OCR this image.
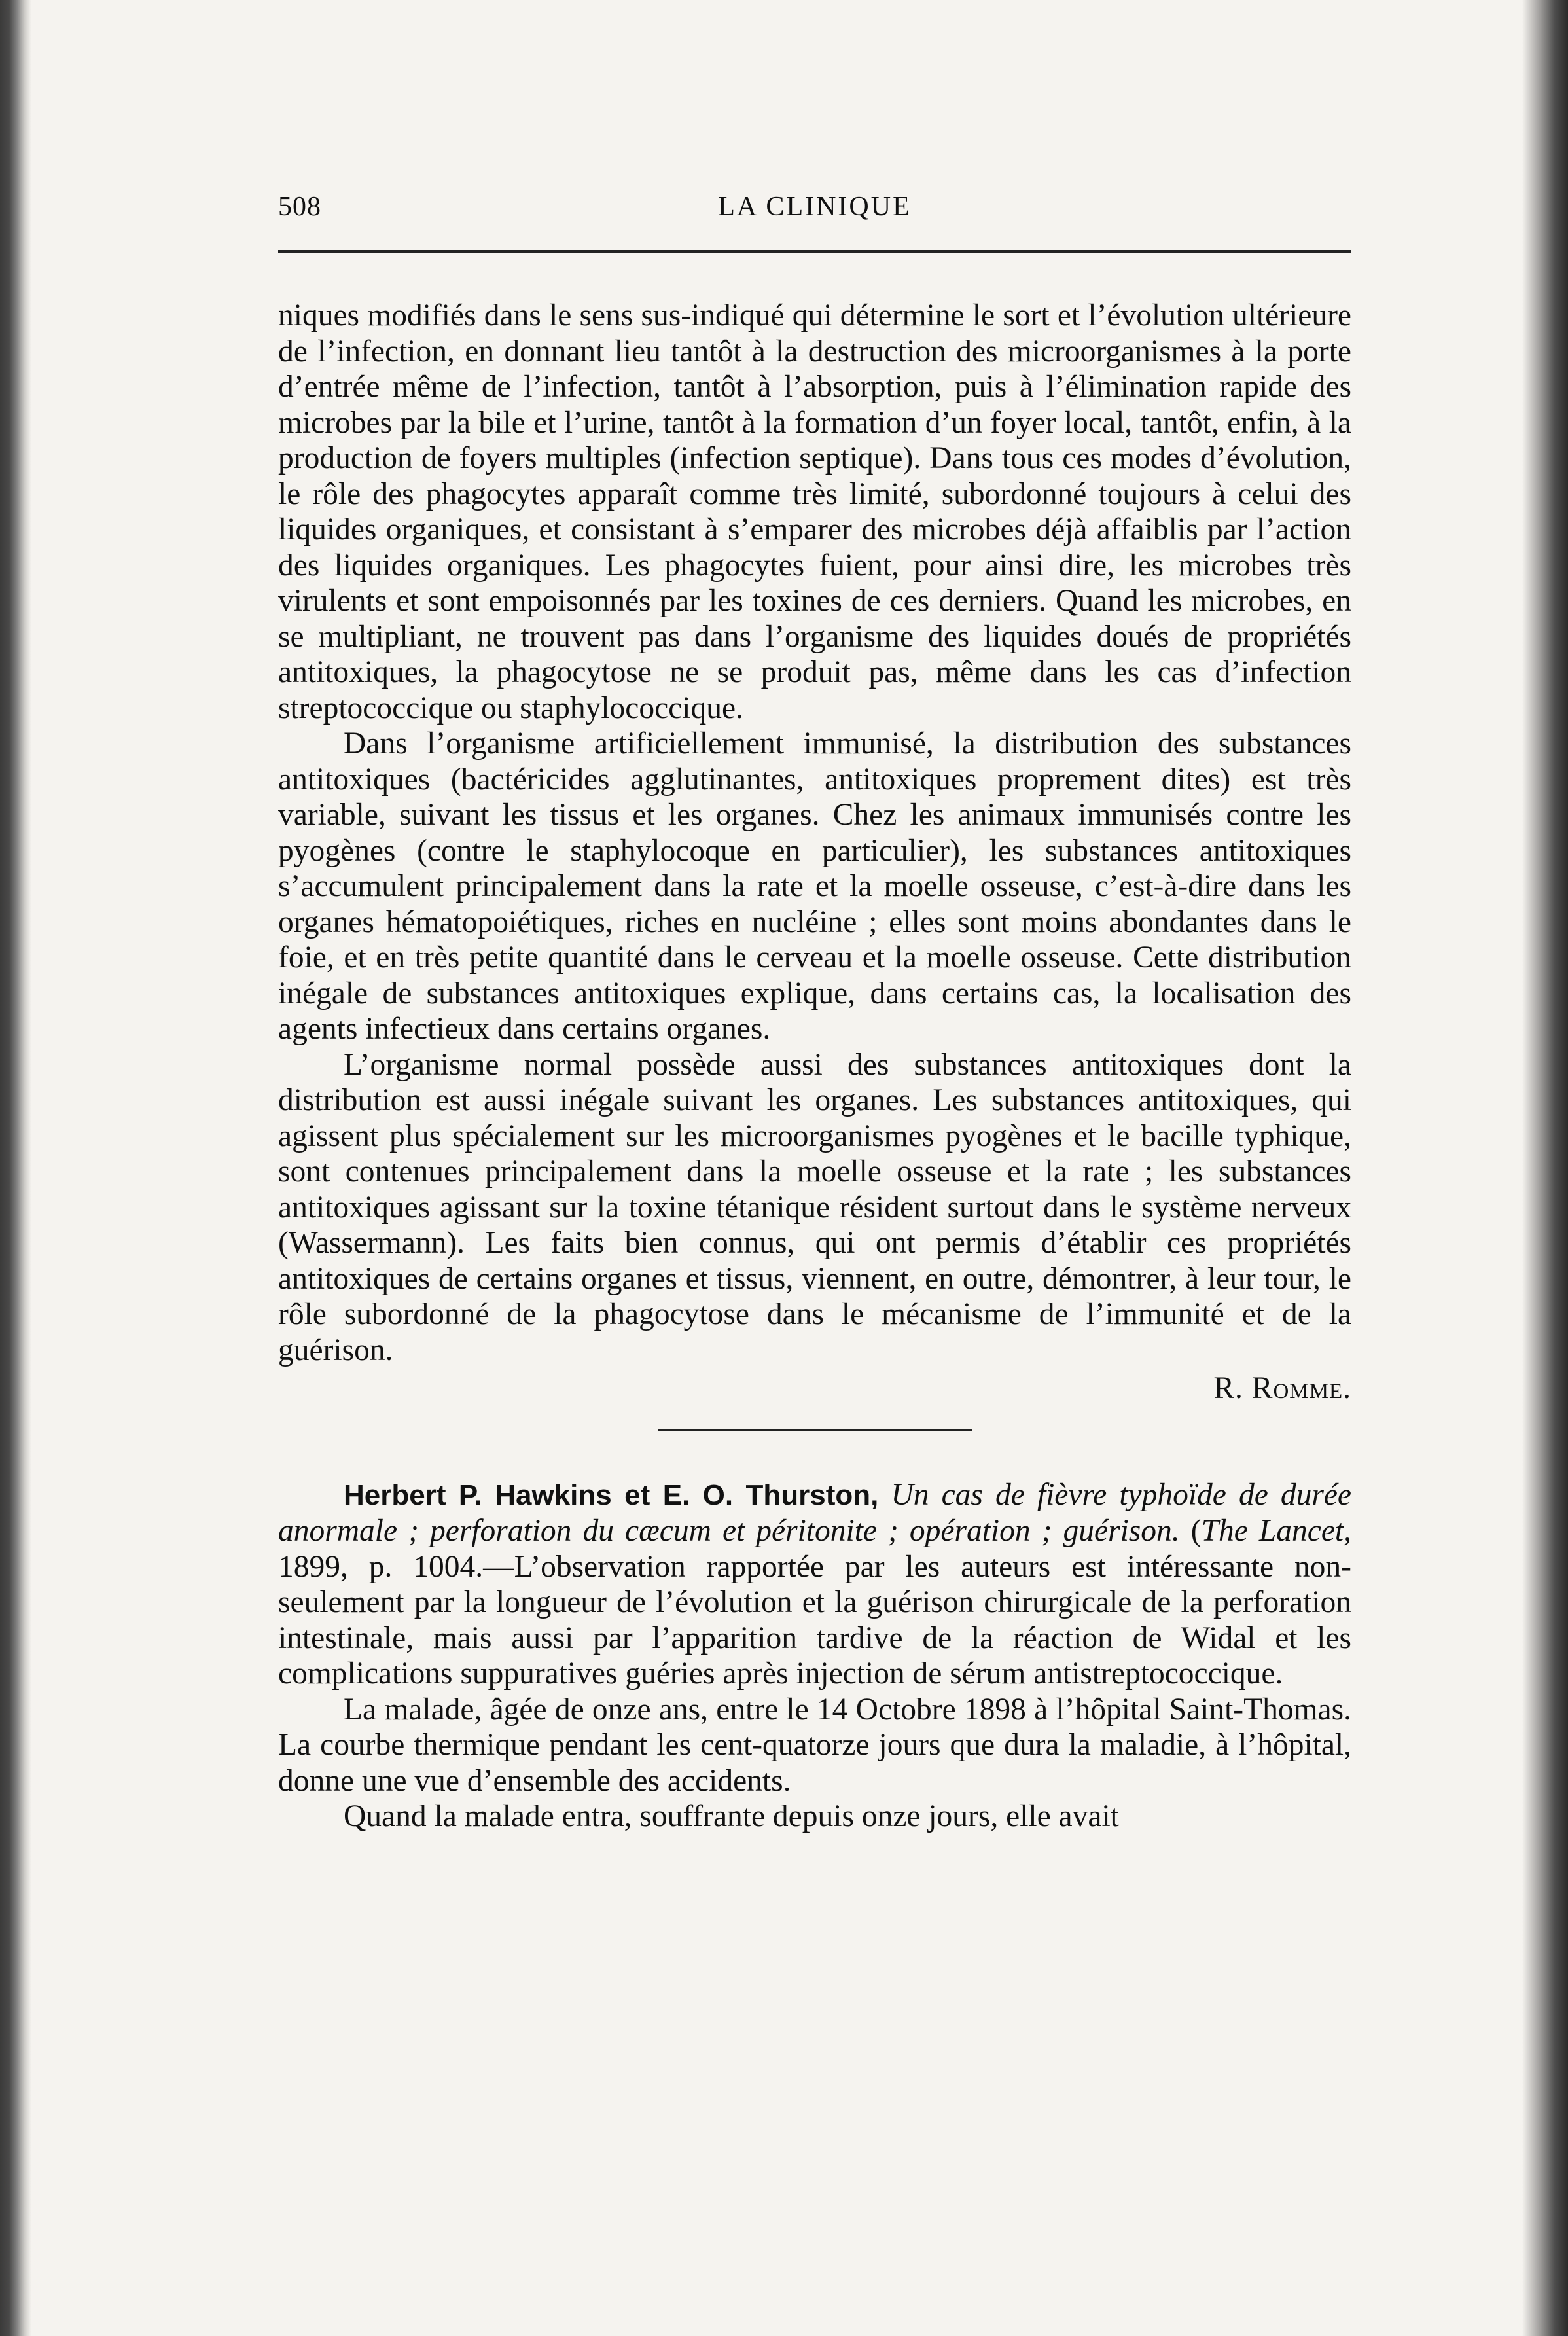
508	LA CLINIQUE

niques modifiés dans le sens sus-indiqué qui détermine le sort et l’évolution ultérieure de l’infection, en donnant lieu tantôt à la destruction des microorganismes à la porte d’entrée même de l’infection, tantôt à l’absorption, puis à l’élimination rapide des microbes par la bile et l’urine, tantôt à la formation d’un foyer local, tantôt, enfin, à la production de foyers multiples (infection septique). Dans tous ces modes d’évolution, le rôle des phagocytes apparaît comme très limité, subordonné toujours à celui des liquides organiques, et consistant à s’emparer des microbes déjà affaiblis par l’action des liquides organiques. Les phagocytes fuient, pour ainsi dire, les microbes très virulents et sont empoisonnés par les toxines de ces derniers. Quand les microbes, en se multipliant, ne trouvent pas dans l’organisme des liquides doués de propriétés antitoxiques, la phagocytose ne se produit pas, même dans les cas d’infection streptococcique ou staphylococcique.

Dans l’organisme artificiellement immunisé, la distribution des substances antitoxiques (bactéricides agglutinantes, antitoxiques proprement dites) est très variable, suivant les tissus et les organes. Chez les animaux immunisés contre les pyogènes (contre le staphylocoque en particulier), les substances antitoxiques s’accumulent principalement dans la rate et la moelle osseuse, c’est-à-dire dans les organes hématopoiétiques, riches en nucléine ; elles sont moins abondantes dans le foie, et en très petite quantité dans le cerveau et la moelle osseuse. Cette distribution inégale de substances antitoxiques explique, dans certains cas, la localisation des agents infectieux dans certains organes.

L’organisme normal possède aussi des substances antitoxiques dont la distribution est aussi inégale suivant les organes. Les substances antitoxiques, qui agissent plus spécialement sur les microorganismes pyogènes et le bacille typhique, sont contenues principalement dans la moelle osseuse et la rate ; les substances antitoxiques agissant sur la toxine tétanique résident surtout dans le système nerveux (Wassermann). Les faits bien connus, qui ont permis d’établir ces propriétés antitoxiques de certains organes et tissus, viennent, en outre, démontrer, à leur tour, le rôle subordonné de la phagocytose dans le mécanisme de l’immunité et de la guérison.

R. Romme.

Herbert P. Hawkins et E. O. Thurston, Un cas de fièvre typhoïde de durée anormale ; perforation du cæcum et péritonite ; opération ; guérison. (The Lancet, 1899, p. 1004.—L’observation rapportée par les auteurs est intéressante non-seulement par la longueur de l’évolution et la guérison chirurgicale de la perforation intestinale, mais aussi par l’apparition tardive de la réaction de Widal et les complications suppuratives guéries après injection de sérum antistreptococcique.

La malade, âgée de onze ans, entre le 14 Octobre 1898 à l’hôpital Saint-Thomas. La courbe thermique pendant les cent-quatorze jours que dura la maladie, à l’hôpital, donne une vue d’ensemble des accidents.

Quand la malade entra, souffrante depuis onze jours, elle avait
